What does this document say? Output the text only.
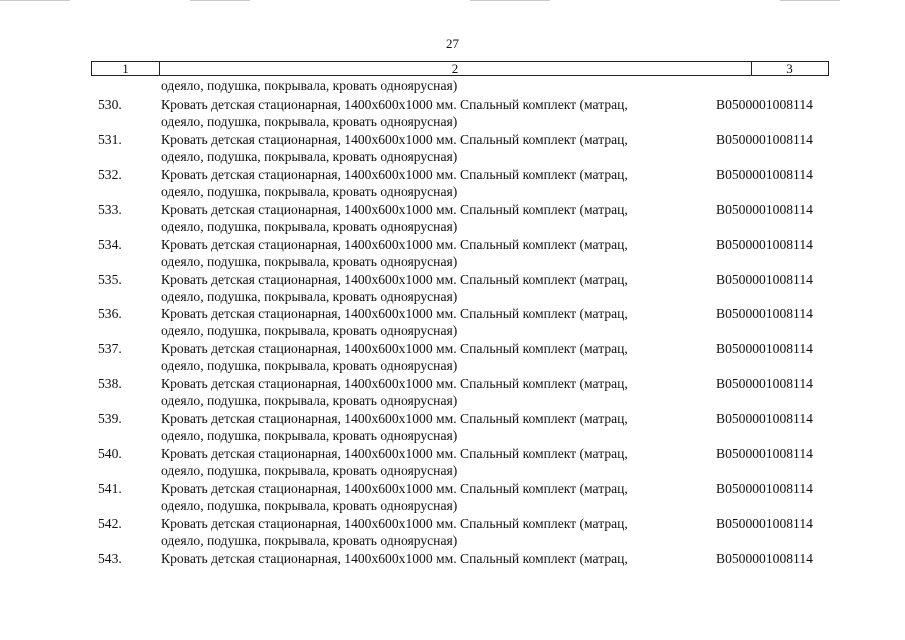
27
1	2	3
одеяло, подушка, покрывала, кровать одноярусная)
530.	Кровать детская стационарная, 1400x600x1000 мм. Спальный комплект (матрац,	B0500001008114
одеяло, подушка, покрывала, кровать одноярусная)
531.	Кровать детская стационарная, 1400x600x1000 мм. Спальный комплект (матрац,	B0500001008114
одеяло, подушка, покрывала, кровать одноярусная)
532.	Кровать детская стационарная, 1400x600x1000 мм. Спальный комплект (матрац,	B0500001008114
одеяло, подушка, покрывала, кровать одноярусная)
533.	Кровать детская стационарная, 1400x600x1000 мм. Спальный комплект (матрац,	B0500001008114
одеяло, подушка, покрывала, кровать одноярусная)
534.	Кровать детская стационарная, 1400x600x1000 мм. Спальный комплект (матрац,	B0500001008114
одеяло, подушка, покрывала, кровать одноярусная)
535.	Кровать детская стационарная, 1400x600x1000 мм. Спальный комплект (матрац,	B0500001008114
одеяло, подушка, покрывала, кровать одноярусная)
536.	Кровать детская стационарная, 1400x600x1000 мм. Спальный комплект (матрац,	B0500001008114
одеяло, подушка, покрывала, кровать одноярусная)
537.	Кровать детская стационарная, 1400x600x1000 мм. Спальный комплект (матрац,	B0500001008114
одеяло, подушка, покрывала, кровать одноярусная)
538.	Кровать детская стационарная, 1400x600x1000 мм. Спальный комплект (матрац,	B0500001008114
одеяло, подушка, покрывала, кровать одноярусная)
539.	Кровать детская стационарная, 1400x600x1000 мм. Спальный комплект (матрац,	B0500001008114
одеяло, подушка, покрывала, кровать одноярусная)
540.	Кровать детская стационарная, 1400x600x1000 мм. Спальный комплект (матрац,	B0500001008114
одеяло, подушка, покрывала, кровать одноярусная)
541.	Кровать детская стационарная, 1400x600x1000 мм. Спальный комплект (матрац,	B0500001008114
одеяло, подушка, покрывала, кровать одноярусная)
542.	Кровать детская стационарная, 1400x600x1000 мм. Спальный комплект (матрац,	B0500001008114
одеяло, подушка, покрывала, кровать одноярусная)
543.	Кровать детская стационарная, 1400x600x1000 мм. Спальный комплект (матрац,	B0500001008114
